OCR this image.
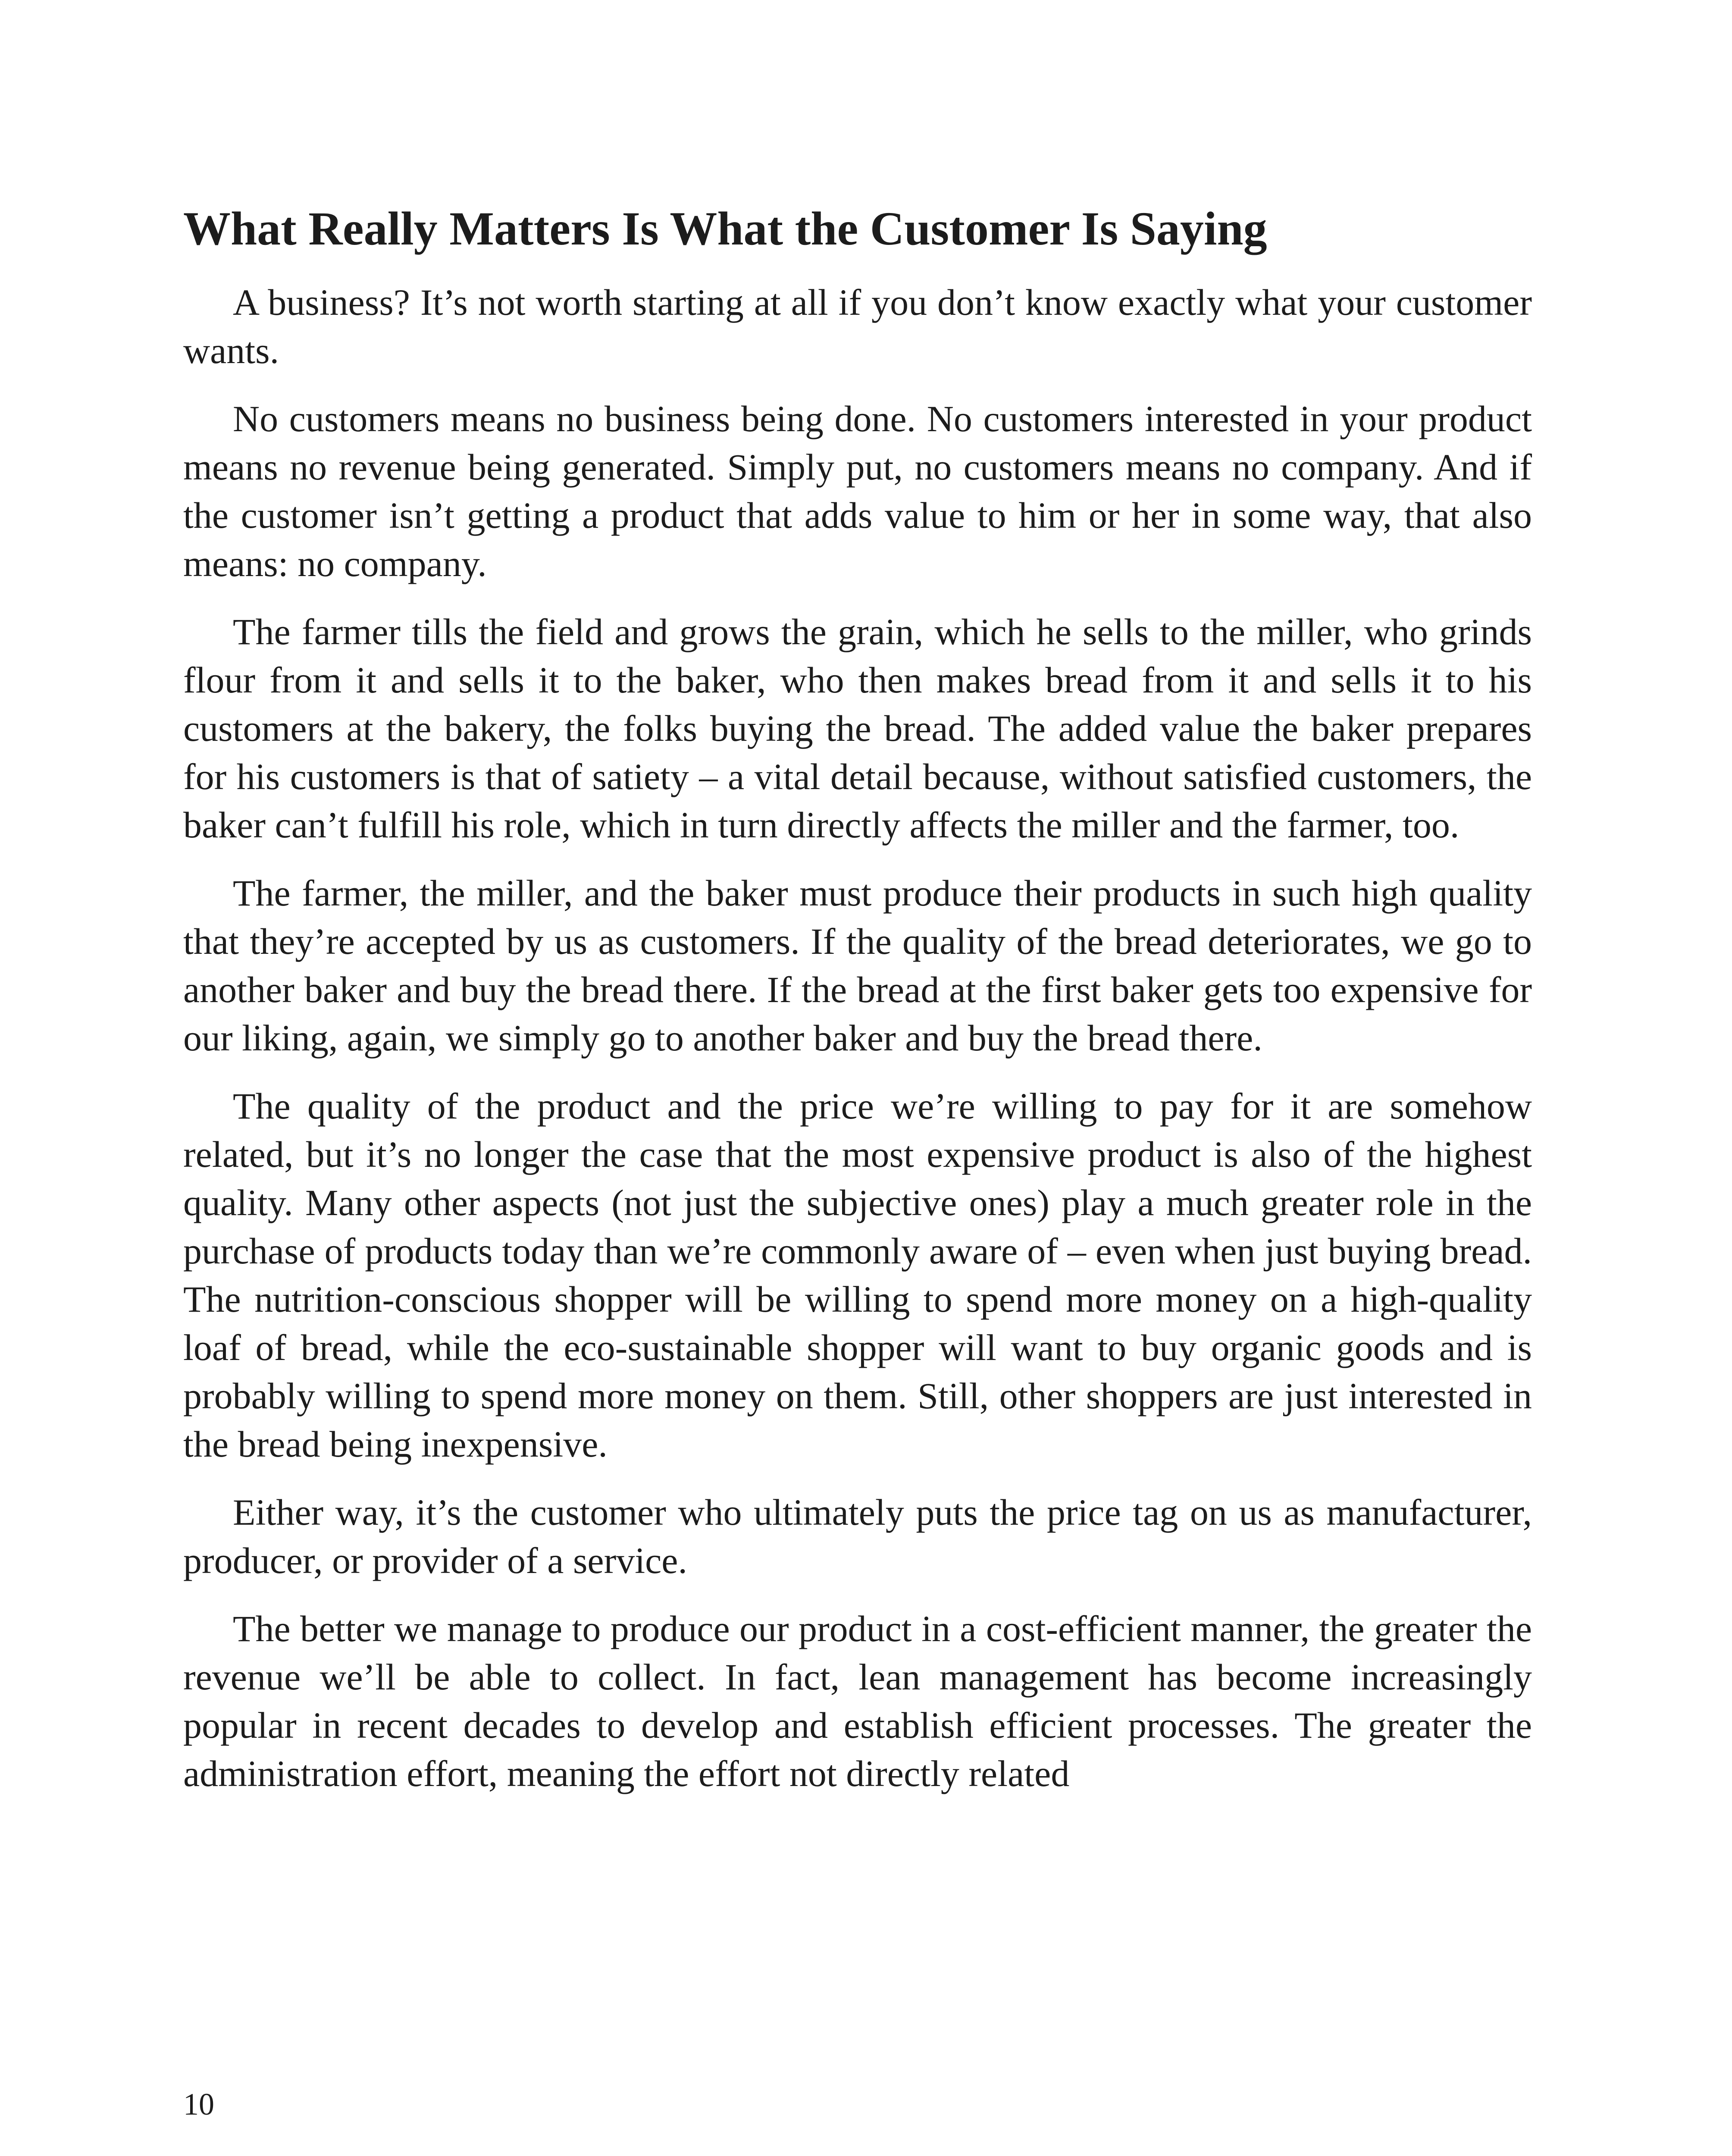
What Really Matters Is What the Customer Is Saying

A business? It’s not worth starting at all if you don’t know exactly what your customer wants.

No customers means no business being done. No customers interested in your product means no revenue being generated. Simply put, no customers means no company. And if the customer isn’t getting a product that adds value to him or her in some way, that also means: no company.

The farmer tills the field and grows the grain, which he sells to the miller, who grinds flour from it and sells it to the baker, who then makes bread from it and sells it to his customers at the bakery, the folks buying the bread. The added value the baker prepares for his customers is that of satiety – a vital detail because, without satisfied customers, the baker can’t fulfill his role, which in turn directly affects the miller and the farmer, too.

The farmer, the miller, and the baker must produce their products in such high quality that they’re accepted by us as customers. If the quality of the bread deteriorates, we go to another baker and buy the bread there. If the bread at the first baker gets too expensive for our liking, again, we simply go to another baker and buy the bread there.

The quality of the product and the price we’re willing to pay for it are somehow related, but it’s no longer the case that the most expensive product is also of the highest quality. Many other aspects (not just the subjective ones) play a much greater role in the purchase of products today than we’re commonly aware of – even when just buying bread. The nutrition-conscious shopper will be willing to spend more money on a high-quality loaf of bread, while the eco-sustainable shopper will want to buy organic goods and is probably willing to spend more money on them. Still, other shoppers are just interested in the bread being inexpensive.

Either way, it’s the customer who ultimately puts the price tag on us as manufacturer, producer, or provider of a service.

The better we manage to produce our product in a cost-efficient manner, the greater the revenue we’ll be able to collect. In fact, lean management has become increasingly popular in recent decades to develop and establish efficient processes. The greater the administration effort, meaning the effort not directly related

10
